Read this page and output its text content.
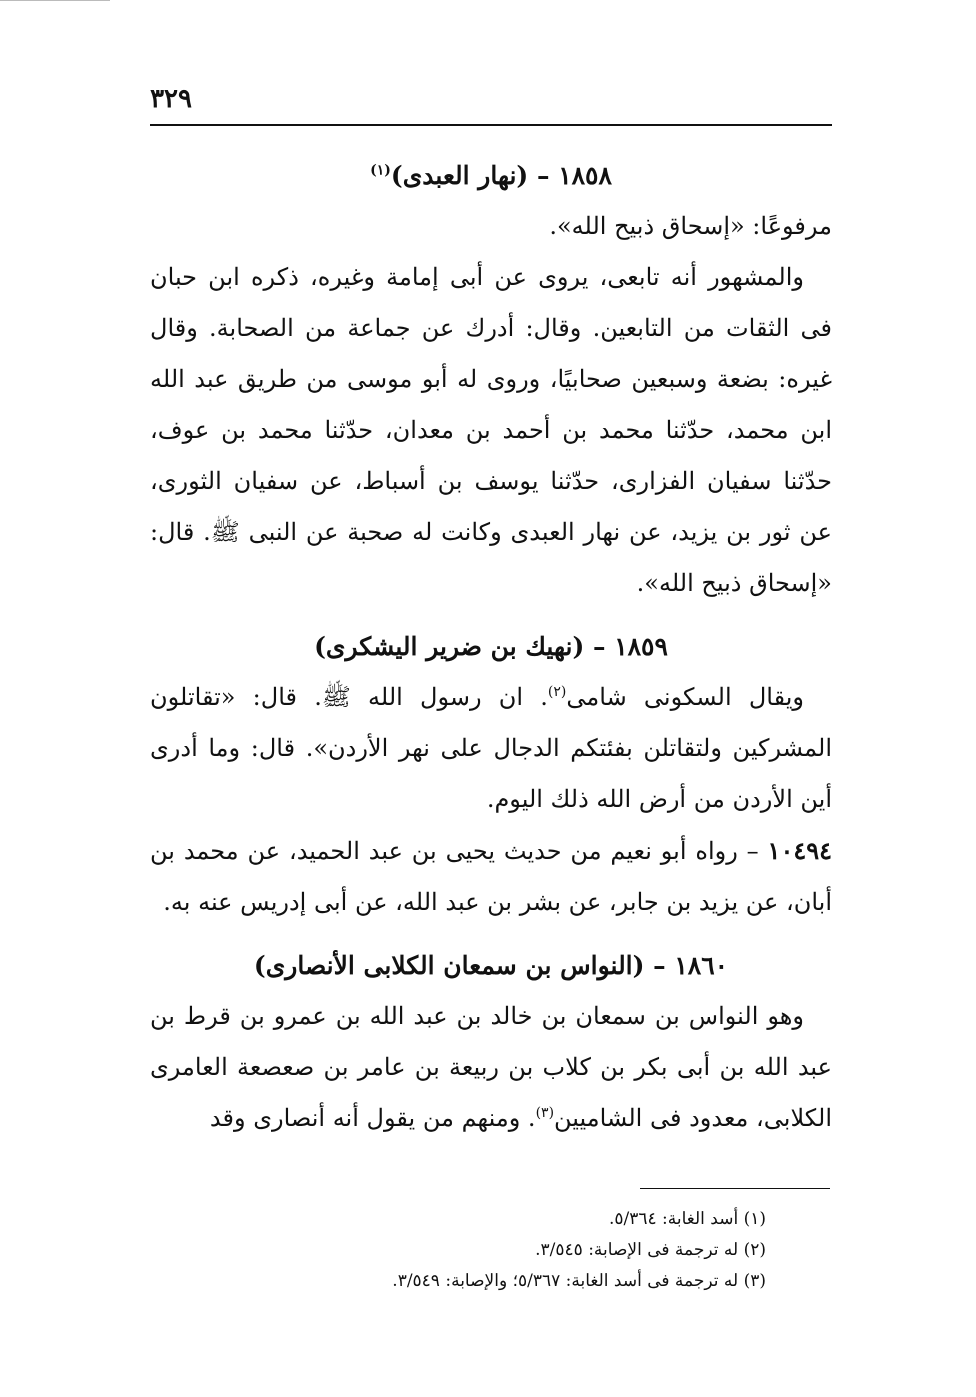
٣٢٩

١٨٥٨ – (نهار العبدى)$^{(١)}$

مرفوعًا: «إسحاق ذبيح الله».

والمشهور أنه تابعى، يروى عن أبى إمامة وغيره، ذكره ابن حبان فى الثقات من التابعين. وقال: أدرك عن جماعة من الصحابة. وقال غيره: بضعة وسبعين صحابيًا، وروى له أبو موسى من طريق عبد الله ابن محمد، حدّثنا محمد بن أحمد بن معدان، حدّثنا محمد بن عوف، حدّثنا سفيان الفزارى، حدّثنا يوسف بن أسباط، عن سفيان الثورى، عن ثور بن يزيد، عن نهار العبدى وكانت له صحبة عن النبى ﷺ. قال: «إسحاق ذبيح الله».

١٨٥٩ – (نهيك بن ضرير اليشكرى)

ويقال السكونى شامى$^{(٢)}$. ان رسول الله ﷺ. قال: «تقاتلون المشركين ولتقاتلن بفئتكم الدجال على نهر الأردن». قال: وما أدرى أين الأردن من أرض الله ذلك اليوم.

١٠٤٩٤ – رواه أبو نعيم من حديث يحيى بن عبد الحميد، عن محمد بن أبان، عن يزيد بن جابر، عن بشر بن عبد الله، عن أبى إدريس عنه به.

١٨٦٠ – (النواس بن سمعان الكلابى الأنصارى)

وهو النواس بن سمعان بن خالد بن عبد الله بن عمرو بن قرط بن عبد الله بن أبى بكر بن كلاب بن ربيعة بن عامر بن صعصعة العامرى الكلابى، معدود فى الشاميين$^{(٣)}$. ومنهم من يقول أنه أنصارى وقد

(١) أسد الغابة: ٥/٣٦٤.
(٢) له ترجمة فى الإصابة: ٣/٥٤٥.
(٣) له ترجمة فى أسد الغابة: ٥/٣٦٧؛ والإصابة: ٣/٥٤٩.
